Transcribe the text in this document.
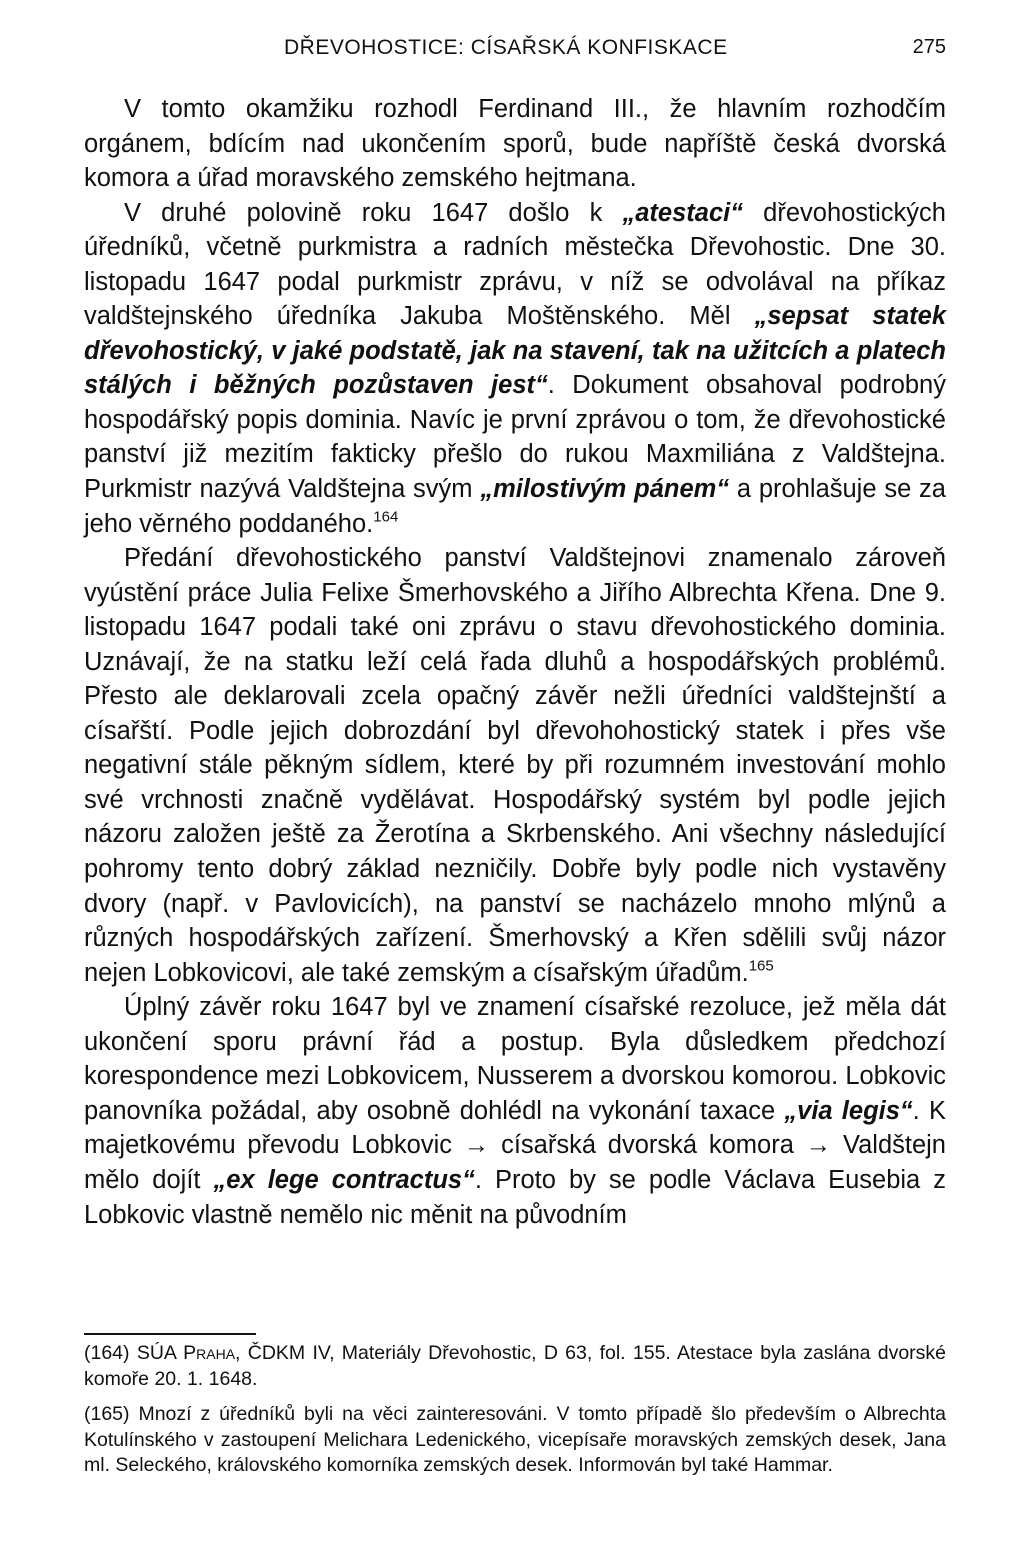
DŘEVOHOSTICE: CÍSAŘSKÁ KONFISKACE	275

V tomto okamžiku rozhodl Ferdinand III., že hlavním rozhodčím orgánem, bdícím nad ukončením sporů, bude napříště česká dvorská komora a úřad moravského zemského hejtmana.

V druhé polovině roku 1647 došlo k „atestaci“ dřevohostických úředníků, včetně purkmistra a radních městečka Dřevohostic. Dne 30. listopadu 1647 podal purkmistr zprávu, v níž se odvolával na příkaz valdštejnského úředníka Jakuba Moštěnského. Měl „sepsat statek dřevohostický, v jaké podstatě, jak na stavení, tak na užitcích a platech stálých i běžných pozůstaven jest“. Dokument obsahoval podrobný hospodářský popis dominia. Navíc je první zprávou o tom, že dřevohostické panství již mezitím fakticky přešlo do rukou Maxmiliána z Valdštejna. Purkmistr nazývá Valdštejna svým „milostivým pánem“ a prohlašuje se za jeho věrného poddaného.$^{164}$

Předání dřevohostického panství Valdštejnovi znamenalo zároveň vyústění práce Julia Felixe Šmerhovského a Jiřího Albrechta Křena. Dne 9. listopadu 1647 podali také oni zprávu o stavu dřevohostického dominia. Uznávají, že na statku leží celá řada dluhů a hospodářských problémů. Přesto ale deklarovali zcela opačný závěr nežli úředníci valdštejnští a císařští. Podle jejich dobrozdání byl dřevohohostický statek i přes vše negativní stále pěkným sídlem, které by při rozumném investování mohlo své vrchnosti značně vydělávat. Hospodářský systém byl podle jejich názoru založen ještě za Žerotína a Skrbenského. Ani všechny následující pohromy tento dobrý základ nezničily. Dobře byly podle nich vystavěny dvory (např. v Pavlovicích), na panství se nacházelo mnoho mlýnů a různých hospodářských zařízení. Šmerhovský a Křen sdělili svůj názor nejen Lobkovicovi, ale také zemským a císařským úřadům.$^{165}$

Úplný závěr roku 1647 byl ve znamení císařské rezoluce, jež měla dát ukončení sporu právní řád a postup. Byla důsledkem předchozí korespondence mezi Lobkovicem, Nusserem a dvorskou komorou. Lobkovic panovníka požádal, aby osobně dohlédl na vykonání taxace „via legis“. K majetkovému převodu Lobkovic → císařská dvorská komora → Valdštejn mělo dojít „ex lege contractus“. Proto by se podle Václava Eusebia z Lobkovic vlastně nemělo nic měnit na původním

(164) SÚA Praha, ČDKM IV, Materiály Dřevohostic, D 63, fol. 155. Atestace byla zaslána dvorské komoře 20. 1. 1648.

(165) Mnozí z úředníků byli na věci zainteresováni. V tomto případě šlo především o Albrechta Kotulínského v zastoupení Melichara Ledenického, vicepísaře moravských zemských desek, Jana ml. Seleckého, královského komorníka zemských desek. Informován byl také Hammar.
